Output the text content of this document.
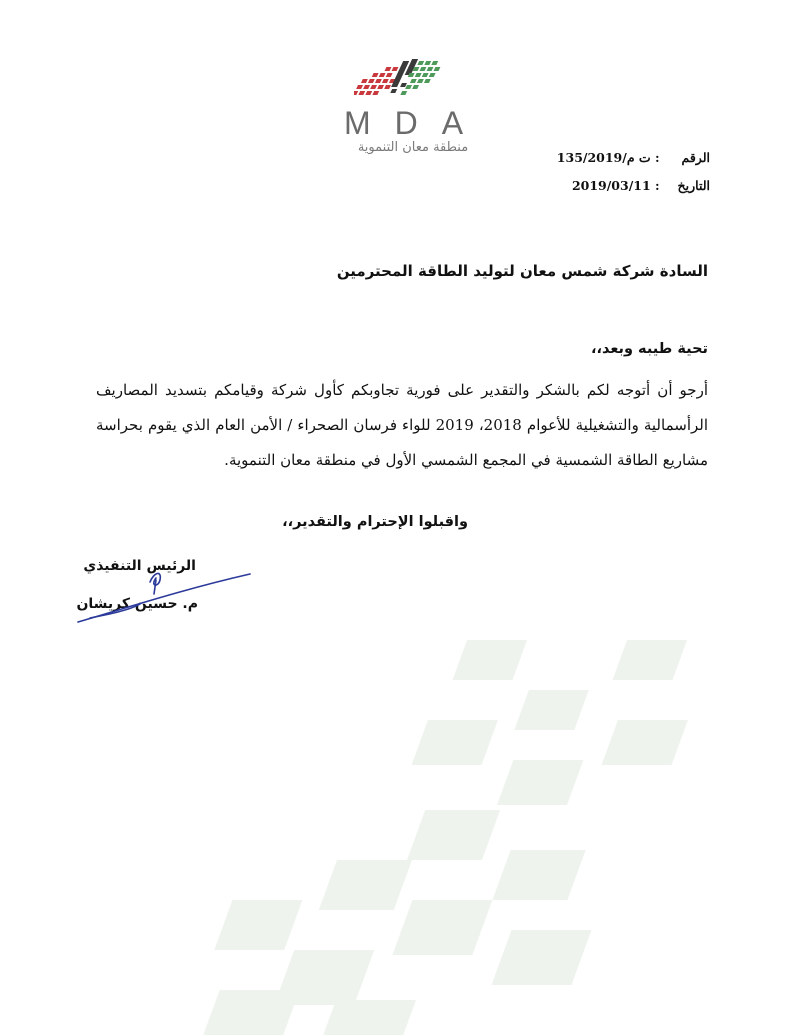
MDA
منطقة معان التنموية
الرقم : ت م/135/2019
التاريخ : 2019/03/11
السادة شركة شمس معان لتوليد الطاقة المحترمين
تحية طيبه وبعد،،
أرجو أن أتوجه لكم بالشكر والتقدير على فورية تجاوبكم كأول شركة وقيامكم بتسديد المصاريف الرأسمالية والتشغيلية للأعوام 2018، 2019 للواء فرسان الصحراء / الأمن العام الذي يقوم بحراسة مشاريع الطاقة الشمسية في المجمع الشمسي الأول في منطقة معان التنموية.
واقبلوا الإحترام والتقدير،،
الرئيس التنفيذي
م. حسين كريشان
